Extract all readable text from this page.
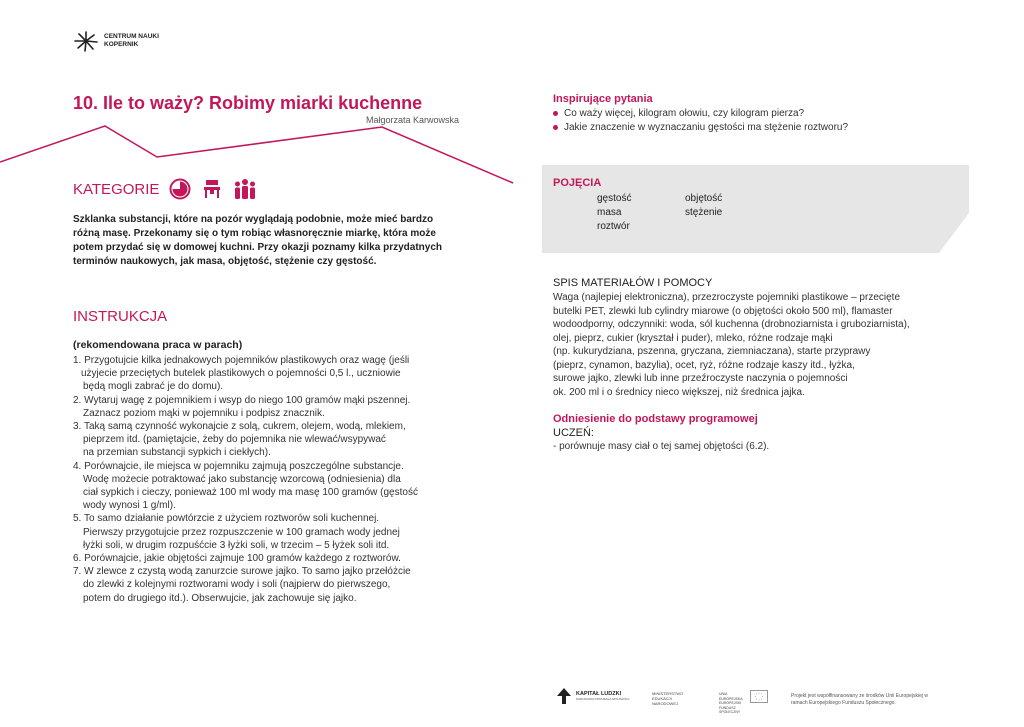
CENTRUM NAUKI
KOPERNIK
10. Ile to waży? Robimy miarki kuchenne
Małgorzata Karwowska
KATEGORIE
Szklanka substancji, które na pozór wyglądają podobnie, może mieć bardzo różną masę. Przekonamy się o tym robiąc własnoręcznie miarkę, która może potem przydać się w domowej kuchni. Przy okazji poznamy kilka przydatnych terminów naukowych, jak masa, objętość, stężenie czy gęstość.
INSTRUKCJA
(rekomendowana praca w parach)
1. Przygotujcie kilka jednakowych pojemników plastikowych oraz wagę (jeśli
użyjecie przeciętych butelek plastikowych o pojemności 0,5 l., uczniowie
będą mogli zabrać je do domu).
2. Wytaruj wagę z pojemnikiem i wsyp do niego 100 gramów mąki pszennej.
Zaznacz poziom mąki w pojemniku i podpisz znacznik.
3. Taką samą czynność wykonajcie z solą, cukrem, olejem, wodą, mlekiem,
pieprzem itd. (pamiętajcie, żeby do pojemnika nie wlewać/wsypywać
na przemian substancji sypkich i ciekłych).
4. Porównajcie, ile miejsca w pojemniku zajmują poszczególne substancje.
Wodę możecie potraktować jako substancję wzorcową (odniesienia) dla
ciał sypkich i cieczy, ponieważ 100 ml wody ma masę 100 gramów (gęstość
wody wynosi 1 g/ml).
5. To samo działanie powtórzcie z użyciem roztworów soli kuchennej.
Pierwszy przygotujcie przez rozpuszczenie w 100 gramach wody jednej
łyżki soli, w drugim rozpuśćcie 3 łyżki soli, w trzecim – 5 łyżek soli itd.
6. Porównajcie, jakie objętości zajmuje 100 gramów każdego z roztworów.
7. W zlewce z czystą wodą zanurzcie surowe jajko. To samo jajko przełóżcie
do zlewki z kolejnymi roztworami wody i soli (najpierw do pierwszego,
potem do drugiego itd.). Obserwujcie, jak zachowuje się jajko.
Inspirujące pytania
Co waży więcej, kilogram ołowiu, czy kilogram pierza?
Jakie znaczenie w wyznaczaniu gęstości ma stężenie roztworu?
POJĘCIA
gęstość
masa
roztwór
objętość
stężenie
SPIS MATERIAŁÓW I POMOCY
Waga (najlepiej elektroniczna), przezroczyste pojemniki plastikowe – przecięte
butelki PET, zlewki lub cylindry miarowe (o objętości około 500 ml), flamaster
wodoodporny, odczynniki: woda, sól kuchenna (drobnoziarnista i gruboziarnista),
olej, pieprz, cukier (kryształ i puder), mleko, różne rodzaje mąki
(np. kukurydziana, pszenna, gryczana, ziemniaczana), starte przyprawy
(pieprz, cynamon, bazylia), ocet, ryż, różne rodzaje kaszy itd., łyżka,
surowe jajko, zlewki lub inne przeźroczyste naczynia o pojemności
ok. 200 ml i o średnicy nieco większej, niż średnica jajka.
Odniesienie do podstawy programowej
UCZEŃ:
- porównuje masy ciał o tej samej objętości (6.2).
KAPITAŁ LUDZKI
NARODOWA STRATEGIA SPÓJNOŚCI
MINISTERSTWO EDUKACJI NARODOWEJ
UNIA EUROPEJSKA EUROPEJSKI FUNDUSZ SPOŁECZNY
Projekt jest współfinansowany ze środków Unii Europejskiej w ramach Europejskiego Funduszu Społecznego.
